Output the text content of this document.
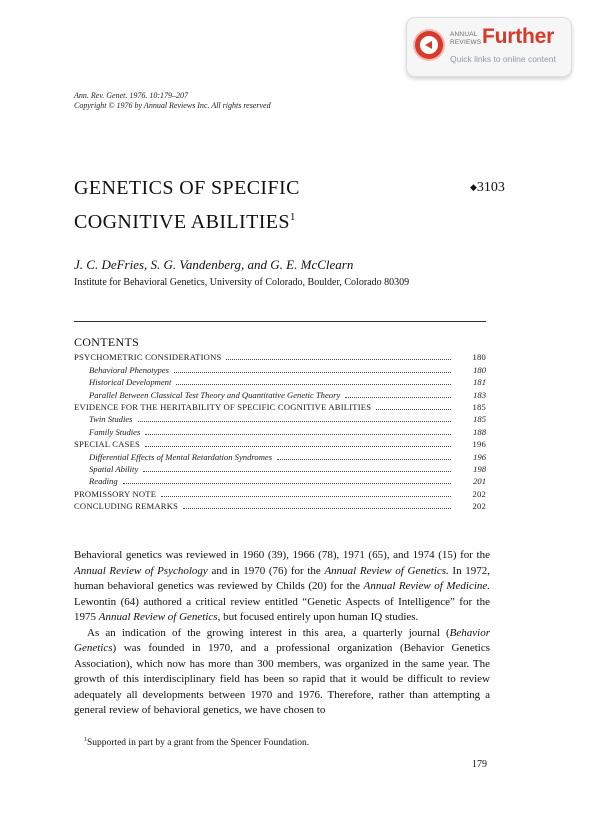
ANNUAL
REVIEWS Further
Quick links to online content
Ann. Rev. Genet. 1976. 10:179–207
Copyright © 1976 by Annual Reviews Inc. All rights reserved
GENETICS OF SPECIFIC
COGNITIVE ABILITIES$^1$
◆3103
J. C. DeFries, S. G. Vandenberg, and G. E. McClearn
Institute for Behavioral Genetics, University of Colorado, Boulder, Colorado 80309
CONTENTS
PSYCHOMETRIC CONSIDERATIONS	180
Behavioral Phenotypes	180
Historical Development	181
Parallel Between Classical Test Theory and Quantitative Genetic Theory	183
EVIDENCE FOR THE HERITABILITY OF SPECIFIC COGNITIVE ABILITIES	185
Twin Studies	185
Family Studies	188
SPECIAL CASES	196
Differential Effects of Mental Retardation Syndromes	196
Spatial Ability	198
Reading	201
PROMISSORY NOTE	202
CONCLUDING REMARKS	202

Behavioral genetics was reviewed in 1960 (39), 1966 (78), 1971 (65), and 1974 (15) for the Annual Review of Psychology and in 1970 (76) for the Annual Review of Genetics. In 1972, human behavioral genetics was reviewed by Childs (20) for the Annual Review of Medicine. Lewontin (64) authored a critical review entitled “Genetic Aspects of Intelligence” for the 1975 Annual Review of Genetics, but focused entirely upon human IQ studies.

As an indication of the growing interest in this area, a quarterly journal (Behavior Genetics) was founded in 1970, and a professional organization (Behavior Genetics Association), which now has more than 300 members, was organized in the same year. The growth of this interdisciplinary field has been so rapid that it would be difficult to review adequately all developments between 1970 and 1976. Therefore, rather than attempting a general review of behavioral genetics, we have chosen to

$^1$Supported in part by a grant from the Spencer Foundation.
179
